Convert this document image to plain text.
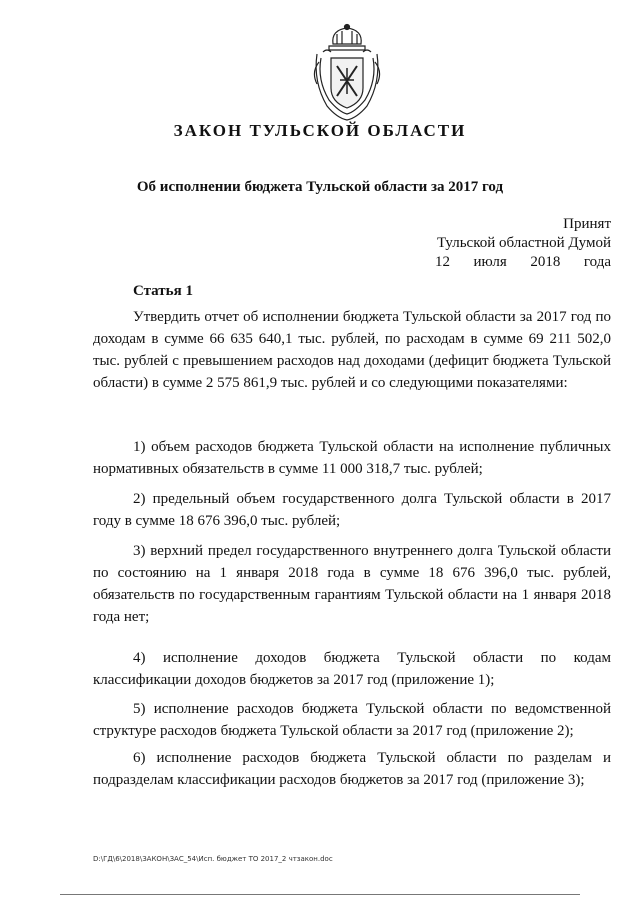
ЗАКОН ТУЛЬСКОЙ ОБЛАСТИ
Об исполнении бюджета Тульской области за 2017 год
Принят
Тульской областной Думой
12 июля 2018 года
Статья 1

Утвердить отчет об исполнении бюджета Тульской области за 2017 год по доходам в сумме 66 635 640,1 тыс. рублей, по расходам в сумме 69 211 502,0 тыс. рублей с превышением расходов над доходами (дефицит бюджета Тульской области) в сумме 2 575 861,9 тыс. рублей и со следующими показателями:

1) объем расходов бюджета Тульской области на исполнение публичных нормативных обязательств в сумме 11 000 318,7 тыс. рублей;

2) предельный объем государственного долга Тульской области в 2017 году в сумме 18 676 396,0 тыс. рублей;

3) верхний предел государственного внутреннего долга Тульской области по состоянию на 1 января 2018 года в сумме 18 676 396,0 тыс. рублей, обязательств по государственным гарантиям Тульской области на 1 января 2018 года нет;

4) исполнение доходов бюджета Тульской области по кодам классификации доходов бюджетов за 2017 год (приложение 1);

5) исполнение расходов бюджета Тульской области по ведомственной структуре расходов бюджета Тульской области за 2017 год (приложение 2);

6) исполнение расходов бюджета Тульской области по разделам и подразделам классификации расходов бюджетов за 2017 год (приложение 3);

D:\ГД\6\2018\ЗАКОН\ЗАС_54\Исп. бюджет ТО 2017_2 чтзакон.doc
